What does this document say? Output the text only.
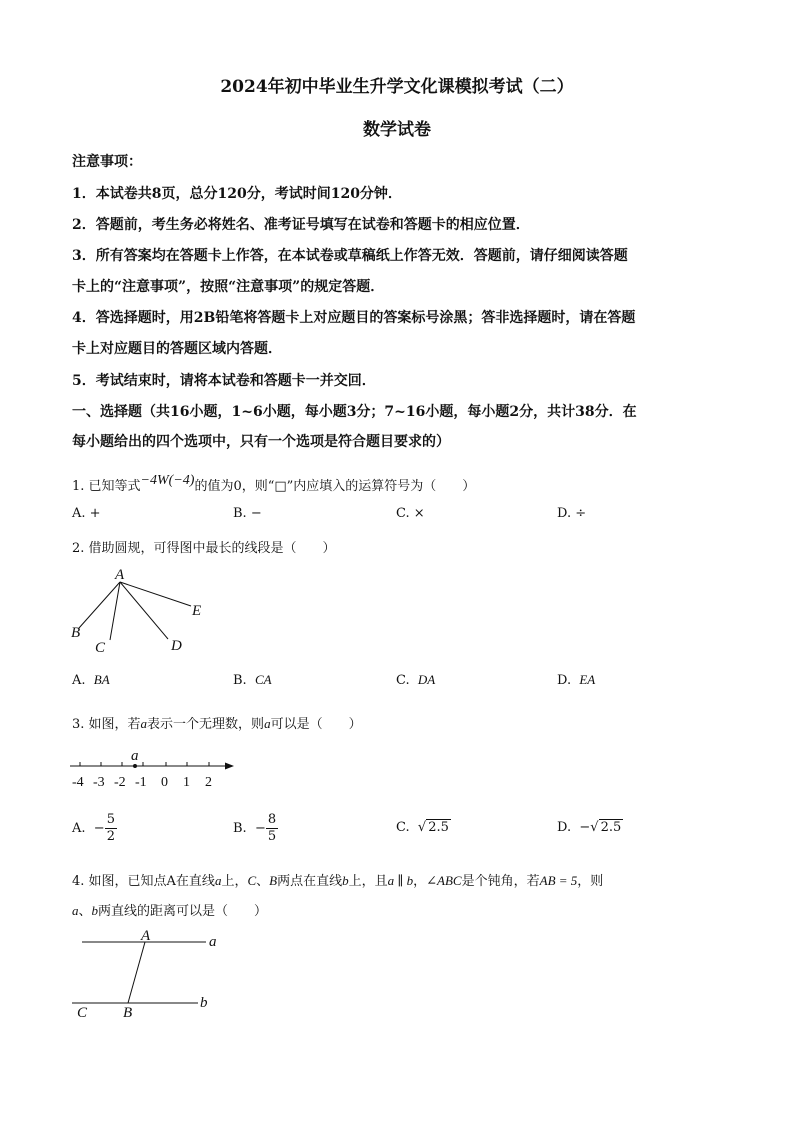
2024年初中毕业生升学文化课模拟考试（二）
数学试卷
注意事项：
1．本试卷共8页，总分120分，考试时间120分钟．
2．答题前，考生务必将姓名、准考证号填写在试卷和答题卡的相应位置．
3．所有答案均在答题卡上作答，在本试卷或草稿纸上作答无效．答题前，请仔细阅读答题
卡上的“注意事项”，按照“注意事项”的规定答题．
4．答选择题时，用2B铅笔将答题卡上对应题目的答案标号涂黑；答非选择题时，请在答题
卡上对应题目的答题区域内答题．
5．考试结束时，请将本试卷和答题卡一并交回．
一、选择题（共16小题，1~6小题，每小题3分；7~16小题，每小题2分，共计38分．在
每小题给出的四个选项中，只有一个选项是符合题目要求的）
1. 已知等式−4W(−4)的值为0，则“□”内应填入的运算符号为（　　）
A. +	B. −	C. ×	D. ÷
2. 借助圆规，可得图中最长的线段是（　　）
A
B
C	D
E
A. BA	B. CA	C. DA	D. EA
3. 如图，若a表示一个无理数，则a可以是（　　）
a
-4 -3 -2 -1 0 1 2
A. − $\frac{5}{2}$	B. − $\frac{8}{5}$	C.  √ 2.5	D. −√ 2.5
4. 如图，已知点A在直线a上，C、B两点在直线b上，且a ∥ b，∠ABC是个钝角，若AB = 5，则
a、b两直线的距离可以是（　　）
A	a
C B
b
